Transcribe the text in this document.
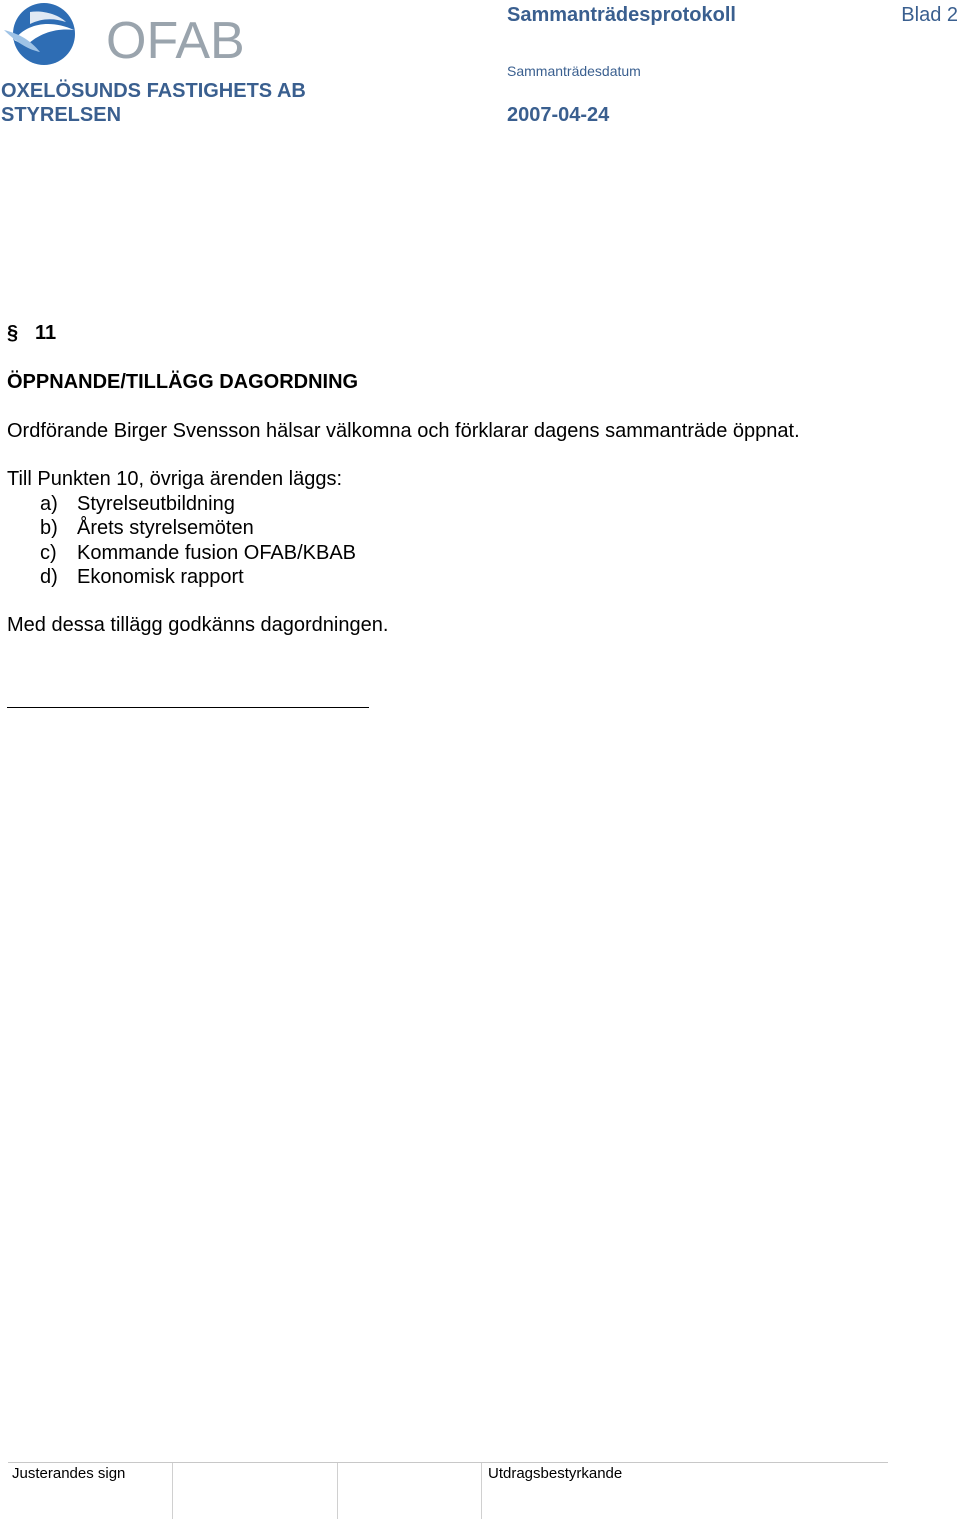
OFAB	Sammanträdesprotokoll	Blad 2
OXELÖSUNDS FASTIGHETS AB
STYRELSEN
Sammanträdesdatum
2007-04-24
§ 11
ÖPPNANDE/TILLÄGG DAGORDNING
Ordförande Birger Svensson hälsar välkomna och förklarar dagens sammanträde öppnat.
Till Punkten 10, övriga ärenden läggs:
a) Styrelseutbildning
b) Årets styrelsemöten
c) Kommande fusion OFAB/KBAB
d) Ekonomisk rapport
Med dessa tillägg godkänns dagordningen.
Justerandes sign	Utdragsbestyrkande
